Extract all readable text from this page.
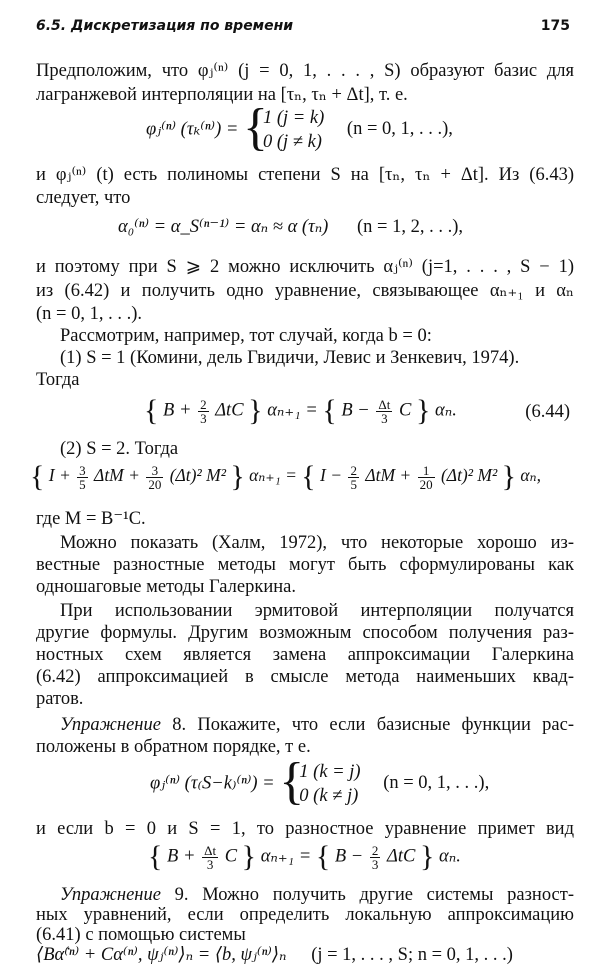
6.5. Дискретизация по времени	175
Предположим, что φⱼ⁽ⁿ⁾ (j = 0, 1, . . . , S) образуют базис для
лагранжевой интерполяции на [τₙ, τₙ + Δt], т. е.
φⱼ⁽ⁿ⁾ (τₖ⁽ⁿ⁾) = {
1 (j = k)
0 (j ≠ k)
(n = 0, 1, . . .),
и φⱼ⁽ⁿ⁾ (t) есть полиномы степени S на [τₙ, τₙ + Δt]. Из (6.43)
следует, что
α₀⁽ⁿ⁾ = α_S⁽ⁿ⁻¹⁾ = αₙ ≈ α (τₙ) (n = 1, 2, . . .),
и поэтому при S ⩾ 2 можно исключить αⱼ⁽ⁿ⁾ (j=1, . . . , S − 1)
из (6.42) и получить одно уравнение, связывающее αₙ₊₁ и αₙ
(n = 0, 1, . . .).
Рассмотрим, например, тот случай, когда b = 0:
(1) S = 1 (Комини, дель Гвидичи, Левис и Зенкевич, 1974).
Тогда
{ $B + \frac{2}{3}$ ΔtC } αₙ₊₁ = { $B - \frac{\Delta t}{3}$ C } αₙ.	(6.44)
(2) S = 2. Тогда
{ $I + \frac{3}{5}$ $\Delta tM + \frac{3}{20} (\Delta t)^2$ M² } αₙ₊₁ = { $I - \frac{2}{5}$ $\Delta tM + \frac{1}{20} (\Delta t)^2$ M² } αₙ,
где M = B⁻¹C.
Можно показать (Халм, 1972), что некоторые хорошо из-
вестные разностные методы могут быть сформулированы как
одношаговые методы Галеркина.
При использовании эрмитовой интерполяции получатся
другие формулы. Другим возможным способом получения раз-
ностных схем является замена аппроксимации Галеркина
(6.42) аппроксимацией в смысле метода наименьших квад-
ратов.
Упражнение 8. Покажите, что если базисные функции рас-
положены в обратном порядке, т е.
φⱼ⁽ⁿ⁾ (τ₍S−k₎⁽ⁿ⁾) = {
1 (k = j)
0 (k ≠ j)
(n = 0, 1, . . .),
и если b = 0 и S = 1, то разностное уравнение примет вид
{ $B + \frac{\Delta t}{3}$ C } αₙ₊₁ = { $B - \frac{2}{3}$ ΔtC } αₙ.
Упражнение 9. Можно получить другие системы разност-
ных уравнений, если определить локальную аппроксимацию
(6.41) с помощью системы
⟨Bα̇⁽ⁿ⁾ + Cα⁽ⁿ⁾, ψⱼ⁽ⁿ⁾⟩ₙ = ⟨b, ψⱼ⁽ⁿ⁾⟩ₙ (j = 1, . . . , S; n = 0, 1, . . .)
